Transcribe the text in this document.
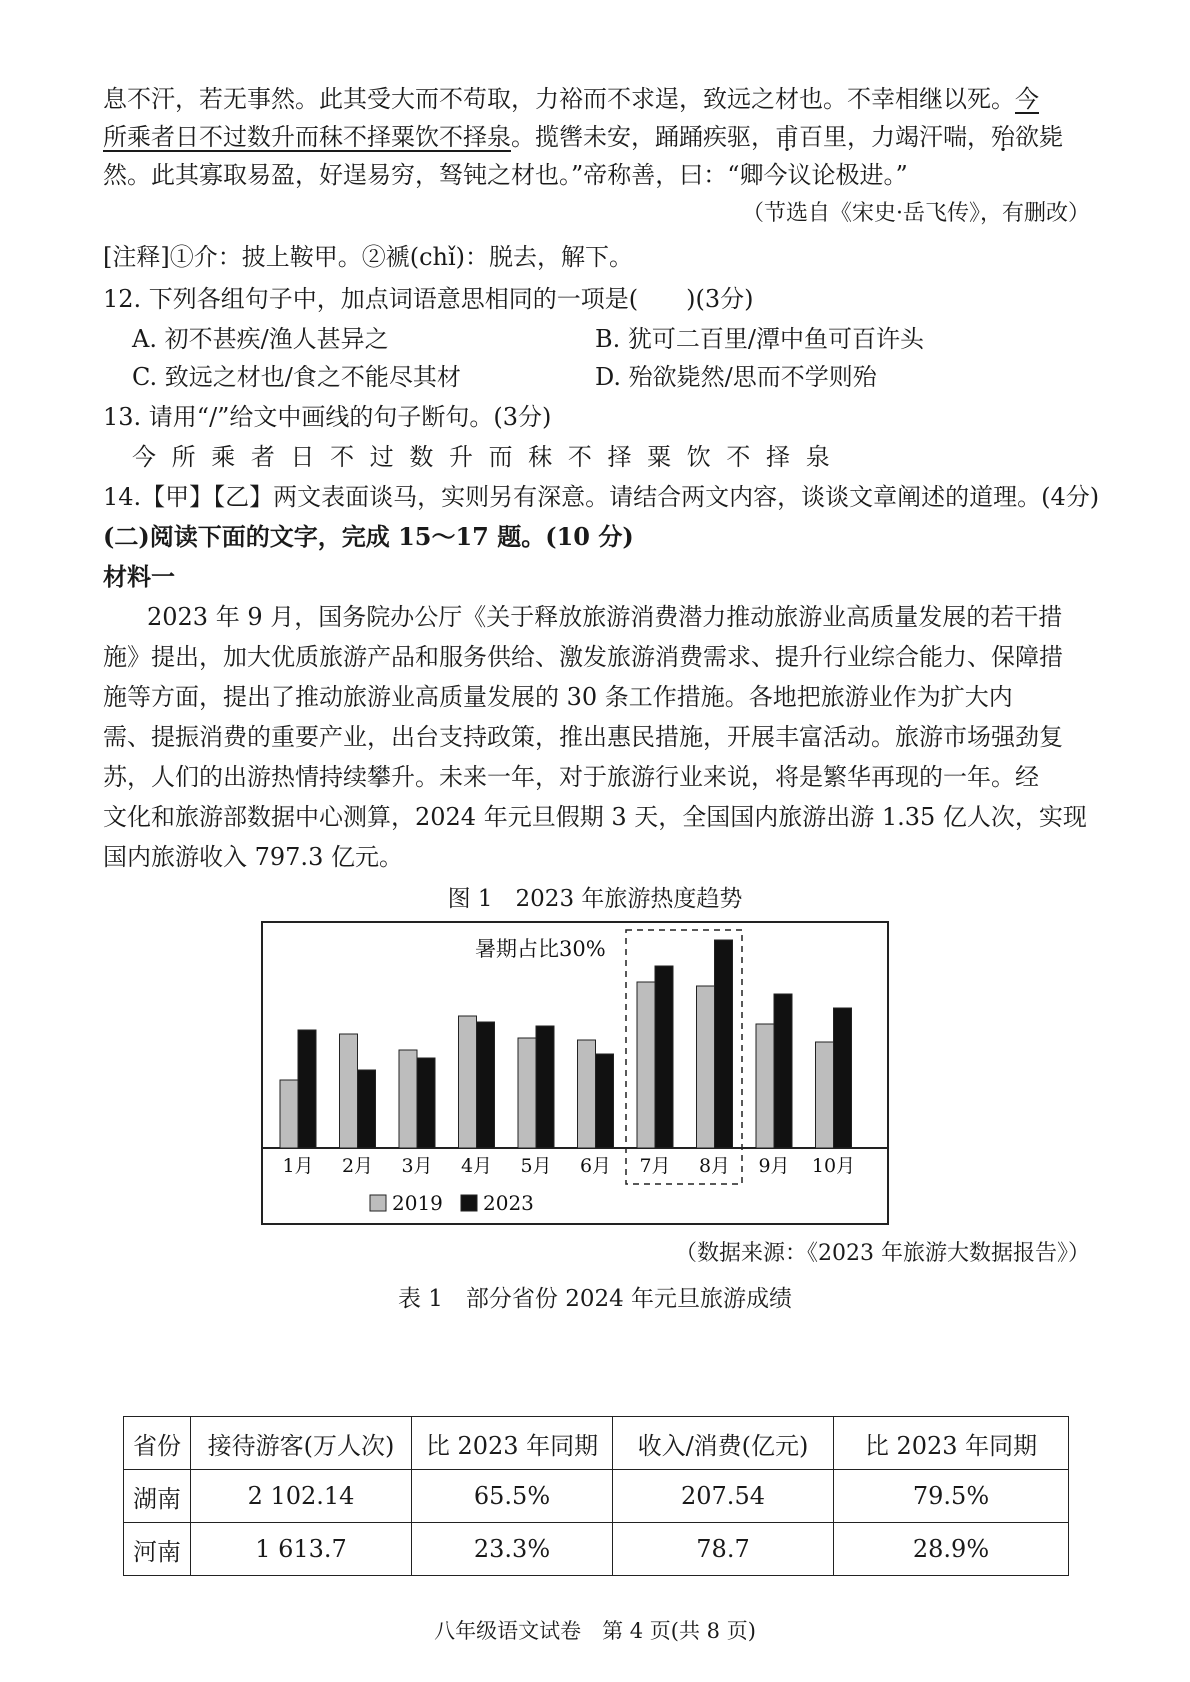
息不汗，若无事然。此其受大而不苟取，力裕而不求逞，致远之材也。不幸相继以死。今
所乘者日不过数升而秣不择粟饮不择泉。揽辔未安，踊踊疾驱，甫百里，力竭汗喘，殆欲毙
然。此其寡取易盈，好逞易穷，驽钝之材也。”帝称善，曰：“卿今议论极进。”
（节选自《宋史·岳飞传》，有删改）
[注释]①介：披上鞍甲。②褫(chǐ)：脱去，解下。
12. 下列各组句子中，加点词语意思相同的一项是(　　)(3分)
A. 初不甚疾/渔人甚异之	B. 犹可二百里/潭中鱼可百许头
C. 致远之材也/食之不能尽其材	D. 殆欲毙然/思而不学则殆
13. 请用“/”给文中画线的句子断句。(3分)
今 所 乘 者 日 不 过 数 升 而 秣 不 择 粟 饮 不 择 泉
14.【甲】【乙】两文表面谈马，实则另有深意。请结合两文内容，谈谈文章阐述的道理。(4分)
(二)阅读下面的文字，完成 15～17 题。(10 分)
材料一
2023 年 9 月，国务院办公厅《关于释放旅游消费潜力推动旅游业高质量发展的若干措
施》提出，加大优质旅游产品和服务供给、激发旅游消费需求、提升行业综合能力、保障措
施等方面，提出了推动旅游业高质量发展的 30 条工作措施。各地把旅游业作为扩大内
需、提振消费的重要产业，出台支持政策，推出惠民措施，开展丰富活动。旅游市场强劲复
苏，人们的出游热情持续攀升。未来一年，对于旅游行业来说，将是繁华再现的一年。经
文化和旅游部数据中心测算，2024 年元旦假期 3 天，全国国内旅游出游 1.35 亿人次，实现
国内旅游收入 797.3 亿元。
图 1　2023 年旅游热度趋势
暑期占比30%
1月 2月 3月 4月 5月 6月 7月 8月 9月 10月
2019 2023
（数据来源：《2023 年旅游大数据报告》）
表 1　部分省份 2024 年元旦旅游成绩
省份	接待游客(万人次)	比 2023 年同期	收入/消费(亿元)	比 2023 年同期
湖南	2 102.14	65.5%	207.54	79.5%
河南	1 613.7	23.3%	78.7	28.9%
八年级语文试卷　第 4 页(共 8 页)
